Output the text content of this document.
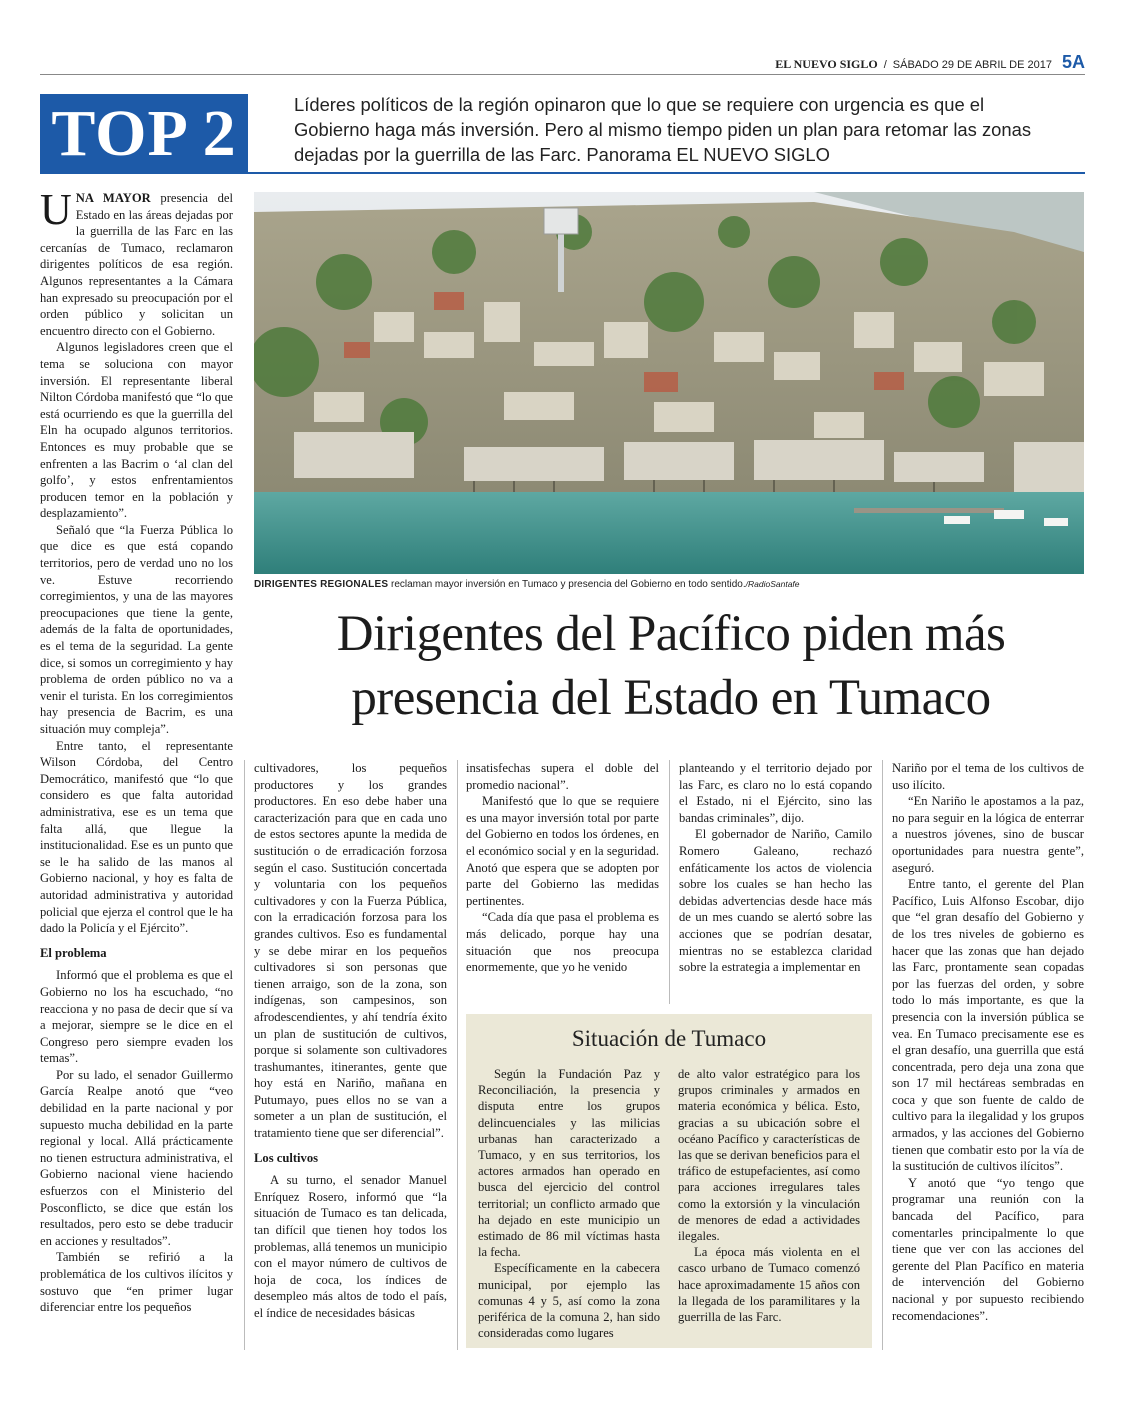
EL NUEVO SIGLO / SÁBADO 29 DE ABRIL DE 2017 5A
TOP 2	Líderes políticos de la región opinaron que lo que se requiere con urgencia es que el Gobierno haga más inversión. Pero al mismo tiempo piden un plan para retomar las zonas dejadas por la guerrilla de las Farc. Panorama EL NUEVO SIGLO
DIRIGENTES REGIONALES reclaman mayor inversión en Tumaco y presencia del Gobierno en todo sentido./RadioSantafe
Dirigentes del Pacífico piden más
presencia del Estado en Tumaco

UNA MAYOR presencia del Estado en las áreas dejadas por la guerrilla de las Farc en las cercanías de Tumaco, reclamaron dirigentes políticos de esa región. Algunos representantes a la Cámara han expresado su preocupación por el orden público y solicitan un encuentro directo con el Gobierno.

Algunos legisladores creen que el tema se soluciona con mayor inversión. El representante liberal Nilton Córdoba manifestó que “lo que está ocurriendo es que la guerrilla del Eln ha ocupado algunos territorios. Entonces es muy probable que se enfrenten a las Bacrim o ‘al clan del golfo’, y estos enfrentamientos producen temor en la población y desplazamiento”.

Señaló que “la Fuerza Pública lo que dice es que está copando territorios, pero de verdad uno no los ve. Estuve recorriendo corregimientos, y una de las mayores preocupaciones que tiene la gente, además de la falta de oportunidades, es el tema de la seguridad. La gente dice, si somos un corregimiento y hay problema de orden público no va a venir el turista. En los corregimientos hay presencia de Bacrim, es una situación muy compleja”.

Entre tanto, el representante Wilson Córdoba, del Centro Democrático, manifestó que “lo que considero es que falta autoridad administrativa, ese es un tema que falta allá, que llegue la institucionalidad. Ese es un punto que se le ha salido de las manos al Gobierno nacional, y hoy es falta de autoridad administrativa y autoridad policial que ejerza el control que le ha dado la Policía y el Ejército”.

El problema

Informó que el problema es que el Gobierno no los ha escuchado, “no reacciona y no pasa de decir que sí va a mejorar, siempre se le dice en el Congreso pero siempre evaden los temas”.

Por su lado, el senador Guillermo García Realpe anotó que “veo debilidad en la parte nacional y por supuesto mucha debilidad en la parte regional y local. Allá prácticamente no tienen estructura administrativa, el Gobierno nacional viene haciendo esfuerzos con el Ministerio del Posconflicto, se dice que están los resultados, pero esto se debe traducir en acciones y resultados”.

También se refirió a la problemática de los cultivos ilícitos y sostuvo que “en primer lugar diferenciar entre los pequeños

cultivadores, los pequeños productores y los grandes productores. En eso debe haber una caracterización para que en cada uno de estos sectores apunte la medida de sustitución o de erradicación forzosa según el caso. Sustitución concertada y voluntaria con los pequeños cultivadores y con la Fuerza Pública, con la erradicación forzosa para los grandes cultivos. Eso es fundamental y se debe mirar en los pequeños cultivadores si son personas que tienen arraigo, son de la zona, son indígenas, son campesinos, son afrodescendientes, y ahí tendría éxito un plan de sustitución de cultivos, porque si solamente son cultivadores trashumantes, itinerantes, gente que hoy está en Nariño, mañana en Putumayo, pues ellos no se van a someter a un plan de sustitución, el tratamiento tiene que ser diferencial”.

Los cultivos

A su turno, el senador Manuel Enríquez Rosero, informó que “la situación de Tumaco es tan delicada, tan difícil que tienen hoy todos los problemas, allá tenemos un municipio con el mayor número de cultivos de hoja de coca, los índices de desempleo más altos de todo el país, el índice de necesidades básicas

insatisfechas supera el doble del promedio nacional”.

Manifestó que lo que se requiere es una mayor inversión total por parte del Gobierno en todos los órdenes, en el económico social y en la seguridad. Anotó que espera que se adopten por parte del Gobierno las medidas pertinentes.

“Cada día que pasa el problema es más delicado, porque hay una situación que nos preocupa enormemente, que yo he venido

planteando y el territorio dejado por las Farc, es claro no lo está copando el Estado, ni el Ejército, sino las bandas criminales”, dijo.

El gobernador de Nariño, Camilo Romero Galeano, rechazó enfáticamente los actos de violencia sobre los cuales se han hecho las debidas advertencias desde hace más de un mes cuando se alertó sobre las acciones que se podrían desatar, mientras no se establezca claridad sobre la estrategia a implementar en

Nariño por el tema de los cultivos de uso ilícito.

“En Nariño le apostamos a la paz, no para seguir en la lógica de enterrar a nuestros jóvenes, sino de buscar oportunidades para nuestra gente”, aseguró.

Entre tanto, el gerente del Plan Pacífico, Luis Alfonso Escobar, dijo que “el gran desafío del Gobierno y de los tres niveles de gobierno es hacer que las zonas que han dejado las Farc, prontamente sean copadas por las fuerzas del orden, y sobre todo lo más importante, es que la presencia con la inversión pública se vea. En Tumaco precisamente ese es el gran desafío, una guerrilla que está concentrada, pero deja una zona que son 17 mil hectáreas sembradas en coca y que son fuente de caldo de cultivo para la ilegalidad y los grupos armados, y las acciones del Gobierno tienen que combatir esto por la vía de la sustitución de cultivos ilícitos”.

Y anotó que “yo tengo que programar una reunión con la bancada del Pacífico, para comentarles principalmente lo que tiene que ver con las acciones del gerente del Plan Pacífico en materia de intervención del Gobierno nacional y por supuesto recibiendo recomendaciones”.

Situación de Tumaco

Según la Fundación Paz y Reconciliación, la presencia y disputa entre los grupos delincuenciales y las milicias urbanas han caracterizado a Tumaco, y en sus territorios, los actores armados han operado en busca del ejercicio del control territorial; un conflicto armado que ha dejado en este municipio un estimado de 86 mil víctimas hasta la fecha.

Específicamente en la cabecera municipal, por ejemplo las comunas 4 y 5, así como la zona periférica de la comuna 2, han sido consideradas como lugares

de alto valor estratégico para los grupos criminales y armados en materia económica y bélica. Esto, gracias a su ubicación sobre el océano Pacífico y características de las que se derivan beneficios para el tráfico de estupefacientes, así como para acciones irregulares tales como la extorsión y la vinculación de menores de edad a actividades ilegales.

La época más violenta en el casco urbano de Tumaco comenzó hace aproximadamente 15 años con la llegada de los paramilitares y la guerrilla de las Farc.
